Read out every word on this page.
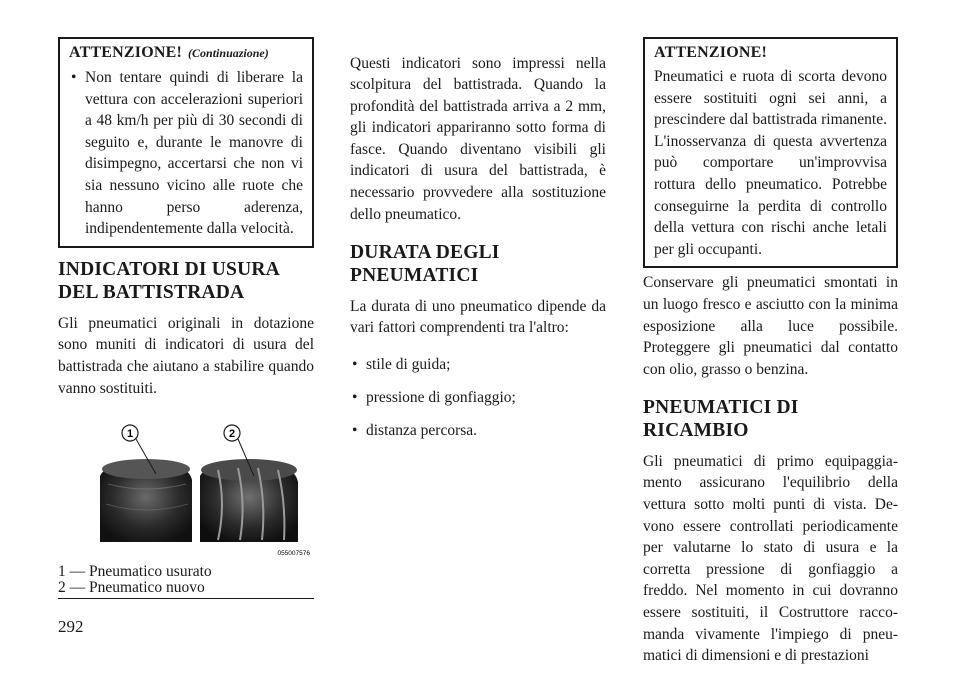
ATTENZIONE! (Continuazione)
• Non tentare quindi di liberare la vettura con accelerazioni superiori a 48 km/h per più di 30 secondi di seguito e, durante le manovre di disimpegno, accertarsi che non vi sia nessuno vicino alle ruote che hanno perso aderenza, indipendentemente dalla velocità.
INDICATORI DI USURA
DEL BATTISTRADA

Gli pneumatici originali in dotazione sono muniti di indicatori di usura del battistrada che aiutano a stabilire quando vanno sostituiti.

1	2
055007576
1 — Pneumatico usurato
2 — Pneumatico nuovo

Questi indicatori sono impressi nella scolpitura del battistrada. Quando la profondità del battistrada arriva a 2 mm, gli indicatori appariranno sotto forma di fasce. Quando diventano visibili gli indicatori di usura del battistrada, è necessario provvedere alla sostituzione dello pneumatico.

DURATA DEGLI
PNEUMATICI

La durata di uno pneumatico dipende da vari fattori comprendenti tra l'altro:

• stile di guida;
• pressione di gonfiaggio;
• distanza percorsa.
ATTENZIONE!

Pneumatici e ruota di scorta devono essere sostituiti ogni sei anni, a prescindere dal battistrada rimanente. L'inosservanza di questa avvertenza può comportare un'improvvisa rottura dello pneumatico. Potrebbe conseguirne la perdita di controllo della vettura con rischi anche letali per gli occupanti.

Conservare gli pneumatici smontati in un luogo fresco e asciutto con la minima esposizione alla luce possibile. Proteggere gli pneumatici dal contatto con olio, grasso o benzina.

PNEUMATICI DI RICAMBIO

Gli pneumatici di primo equipaggiamento assicurano l'equilibrio della vettura sotto molti punti di vista. Devono essere controllati periodicamente per valutarne lo stato di usura e la corretta pressione di gonfiaggio a freddo. Nel momento in cui dovranno essere sostituiti, il Costruttore raccomanda vivamente l'impiego di pneumatici di dimensioni e di prestazioni

292
